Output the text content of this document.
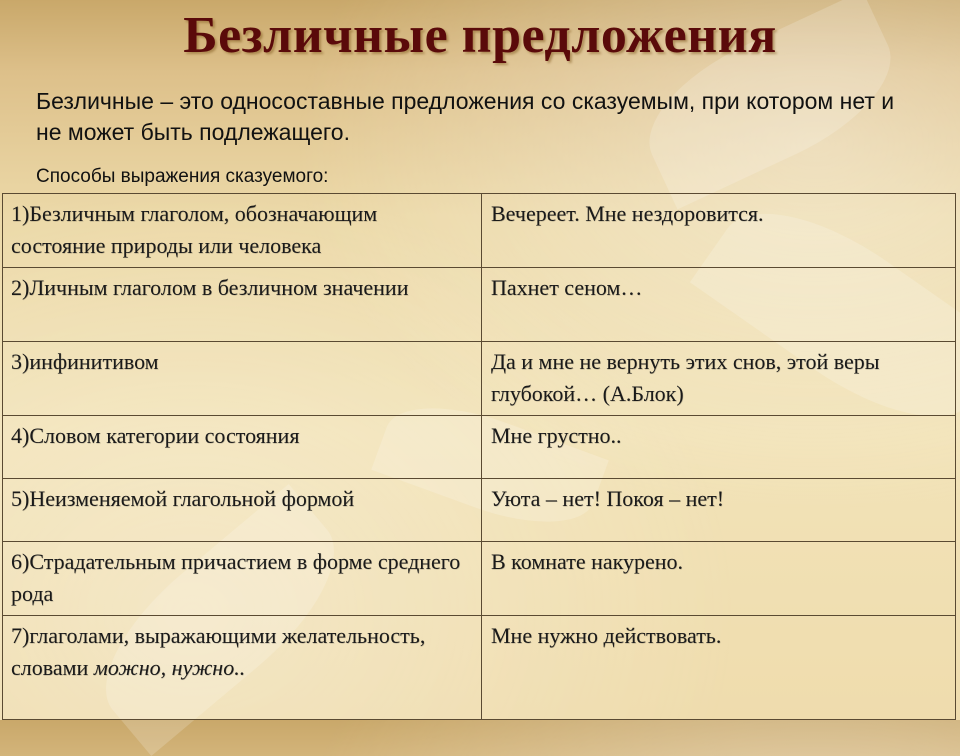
Безличные предложения
Безличные – это односоставные предложения со сказуемым, при котором нет и не может быть подлежащего.
Способы выражения сказуемого:
1)Безличным глаголом, обозначающим состояние природы или человека	Вечереет. Мне нездоровится.
2)Личным глаголом в безличном значении	Пахнет сеном…
3)инфинитивом	Да и мне не вернуть этих снов, этой веры глубокой… (А.Блок)
4)Словом категории состояния	Мне грустно..
5)Неизменяемой глагольной формой	Уюта – нет! Покоя – нет!
6)Страдательным причастием в форме среднего рода	В комнате накурено.
7)глаголами, выражающими желательность, словами можно, нужно..	Мне нужно действовать.
